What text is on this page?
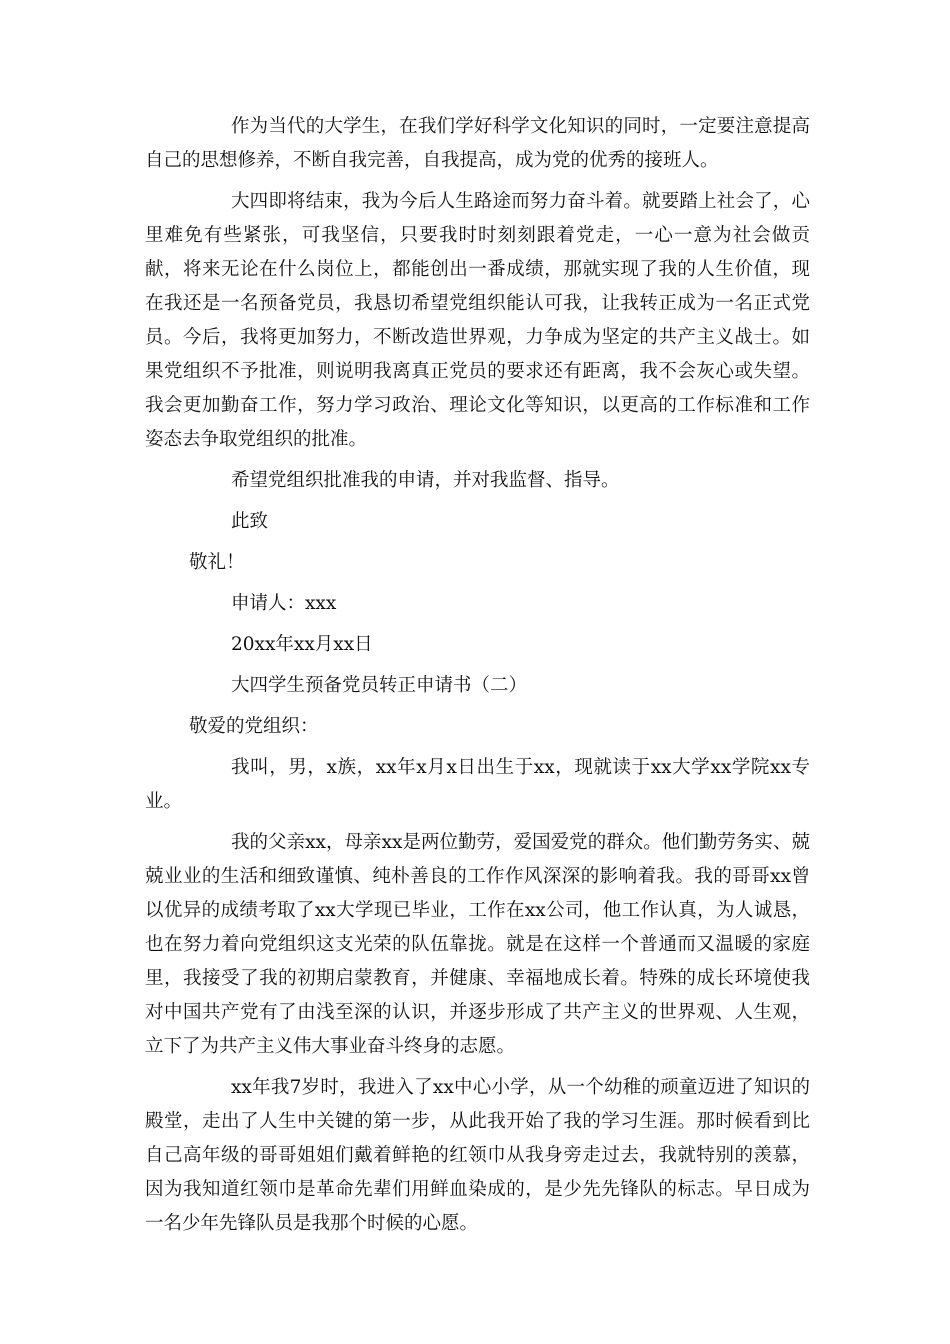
作为当代的大学生，在我们学好科学文化知识的同时，一定要注意提高自己的思想修养，不断自我完善，自我提高，成为党的优秀的接班人。

大四即将结束，我为今后人生路途而努力奋斗着。就要踏上社会了，心里难免有些紧张，可我坚信，只要我时时刻刻跟着党走，一心一意为社会做贡献，将来无论在什么岗位上，都能创出一番成绩，那就实现了我的人生价值，现在我还是一名预备党员，我恳切希望党组织能认可我，让我转正成为一名正式党员。今后，我将更加努力，不断改造世界观，力争成为坚定的共产主义战士。如果党组织不予批准，则说明我离真正党员的要求还有距离，我不会灰心或失望。我会更加勤奋工作，努力学习政治、理论文化等知识，以更高的工作标准和工作姿态去争取党组织的批准。

希望党组织批准我的申请，并对我监督、指导。

此致

敬礼！

申请人：xxx

20xx年xx月xx日

大四学生预备党员转正申请书（二）

敬爱的党组织：

我叫，男，x族，xx年x月x日出生于xx，现就读于xx大学xx学院xx专业。

我的父亲xx，母亲xx是两位勤劳，爱国爱党的群众。他们勤劳务实、兢兢业业的生活和细致谨慎、纯朴善良的工作作风深深的影响着我。我的哥哥xx曾以优异的成绩考取了xx大学现已毕业，工作在xx公司，他工作认真，为人诚恳，也在努力着向党组织这支光荣的队伍靠拢。就是在这样一个普通而又温暖的家庭里，我接受了我的初期启蒙教育，并健康、幸福地成长着。特殊的成长环境使我对中国共产党有了由浅至深的认识，并逐步形成了共产主义的世界观、人生观，立下了为共产主义伟大事业奋斗终身的志愿。

xx年我7岁时，我进入了xx中心小学，从一个幼稚的顽童迈进了知识的殿堂，走出了人生中关键的第一步，从此我开始了我的学习生涯。那时候看到比自己高年级的哥哥姐姐们戴着鲜艳的红领巾从我身旁走过去，我就特别的羡慕，因为我知道红领巾是革命先辈们用鲜血染成的，是少先先锋队的标志。早日成为一名少年先锋队员是我那个时候的心愿。
